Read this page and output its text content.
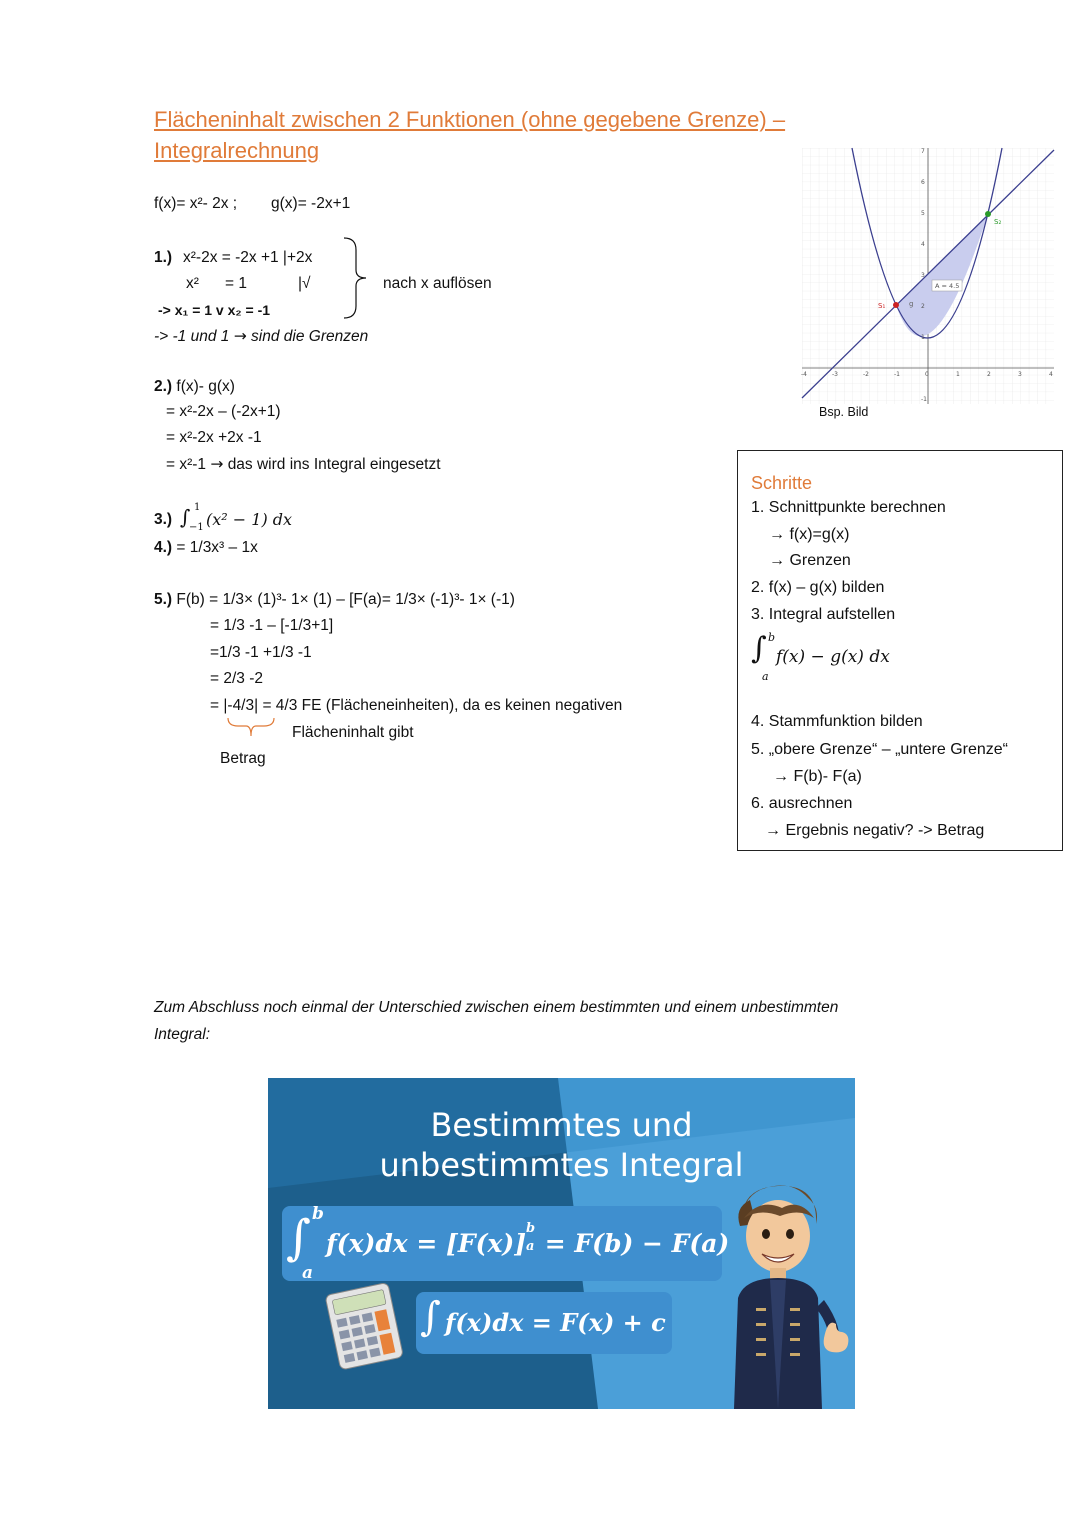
Flächeninhalt zwischen 2 Funktionen (ohne gegebene Grenze) –
Integralrechnung
f(x)= x²- 2x ; g(x)= -2x+1
1.) x²-2x = -2x +1 |+2x
x² = 1	|√	nach x auflösen
-> x₁ = 1 v x₂ = -1
-> -1 und 1 → sind die Grenzen
2.) f(x)- g(x)
= x²-2x – (-2x+1)
= x²-2x +2x -1
= x²-1 → das wird ins Integral eingesetzt
3.) ∫ 1
−1 (x² − 1) dx
4.) = 1/3x³ – 1x
5.) F(b) = 1/3× (1)³- 1× (1) – [F(a)= 1/3× (-1)³- 1× (-1)
= 1/3 -1 – [-1/3+1]
=1/3 -1 +1/3 -1
= 2/3 -2
= |-4/3| = 4/3 FE (Flächeneinheiten), da es keinen negativen
Flächeninhalt gibt
Betrag
S₁
S₂
g
A = 4.5
-4	-3	-2	-1	0	1	2	3	4
-1
1
2
3
4
5
6
7
Bsp. Bild
Schritte
1. Schnittpunkte berechnen
→ f(x)=g(x)
→ Grenzen
2. f(x) – g(x) bilden
3. Integral aufstellen
∫ b
a
f(x) − g(x) dx
4. Stammfunktion bilden
5. „obere Grenze“ – „untere Grenze“
→ F(b)- F(a)
6. ausrechnen
→ Ergebnis negativ? -> Betrag
Zum Abschluss noch einmal der Unterschied zwischen einem bestimmten und einem unbestimmten
Integral:
Bestimmtes und
unbestimmtes Integral
∫ b
a
f(x)dx = [F(x)]
b
a = F(b) − F(a)
∫ f(x)dx = F(x) + c
